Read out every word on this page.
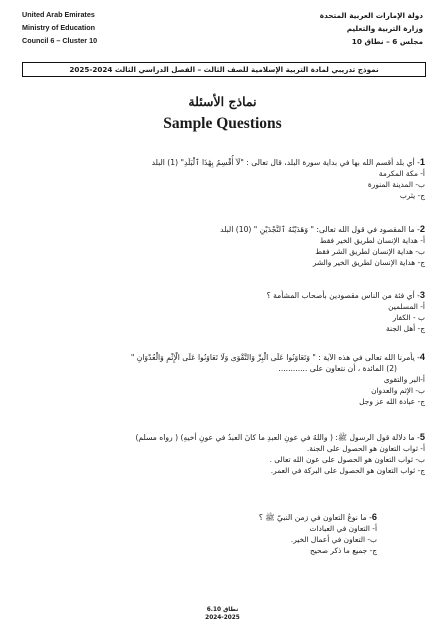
United Arab Emirates
Ministry of Education
Council 6 – Cluster 10
دولة الإمارات العربية المتحدة
وزارة التربية والتعليم
مجلس 6 – نطاق 10
نموذج تدريبي لمادة التربية الإسلامية للصف الثالث – الفصل الدراسي الثالث 2024-2025
نماذج الأسئلة
Sample Questions
1- أي بلد أقسم الله بها في بداية سورة البلد، قال تعالى : "لَآ أُقْسِمُ بِهَٰذَا ٱلْبَلَدِ" (1) البلد
أ- مكة المكرمة
ب- المدينة المنورة
ج- يثرب
2- ما المقصود في قول الله تعالى: " وَهَدَيْنَٰهُ ٱلنَّجْدَيْنِ " (10) البلد
أ- هداية الإنسان لطريق الخير فقط
ب- هداية الإنسان لطريق الشر فقط
ج- هداية الإنسان لطريق الخير والشر
3- أي فئة من الناس مقصودين بأصحاب المشأمة ؟
أ- المسلمين
ب - الكفار
ج- أهل الجنة
4- يأمرنا الله تعالى في هذه الآية : " وَتَعَاوَنُوا عَلَى الْبِرِّ وَالتَّقْوَى وَلَا تَعَاوَنُوا عَلَى الْإِثْمِ وَالْعُدْوَانِ "
(2) المائدة ، أن نتعاون على ............
أ-البر والتقوى
ب- الإثم والعدوان
ج- عبادة الله عز وجل
5- ما دلالة قول الرسول ﷺ: ( واللهُ في عونِ العبدِ ما كانَ العبدُ في عونِ أخيهِ) ( رواه مسلم)
أ- ثواب التعاون هو الحصول على الجنة.
ب- ثواب التعاون هو الحصول على عون الله تعالى .
ج- ثواب التعاون هو الحصول على البركة في العمر.
6- ما نوعُ التعاون في زمن النبيّ ﷺ ؟
أ- التعاون في العبادات
ب- التعاون في أعمال الخير.
ج- جميع ما ذكر صحيح
نطاق 6.10
2024-2025
